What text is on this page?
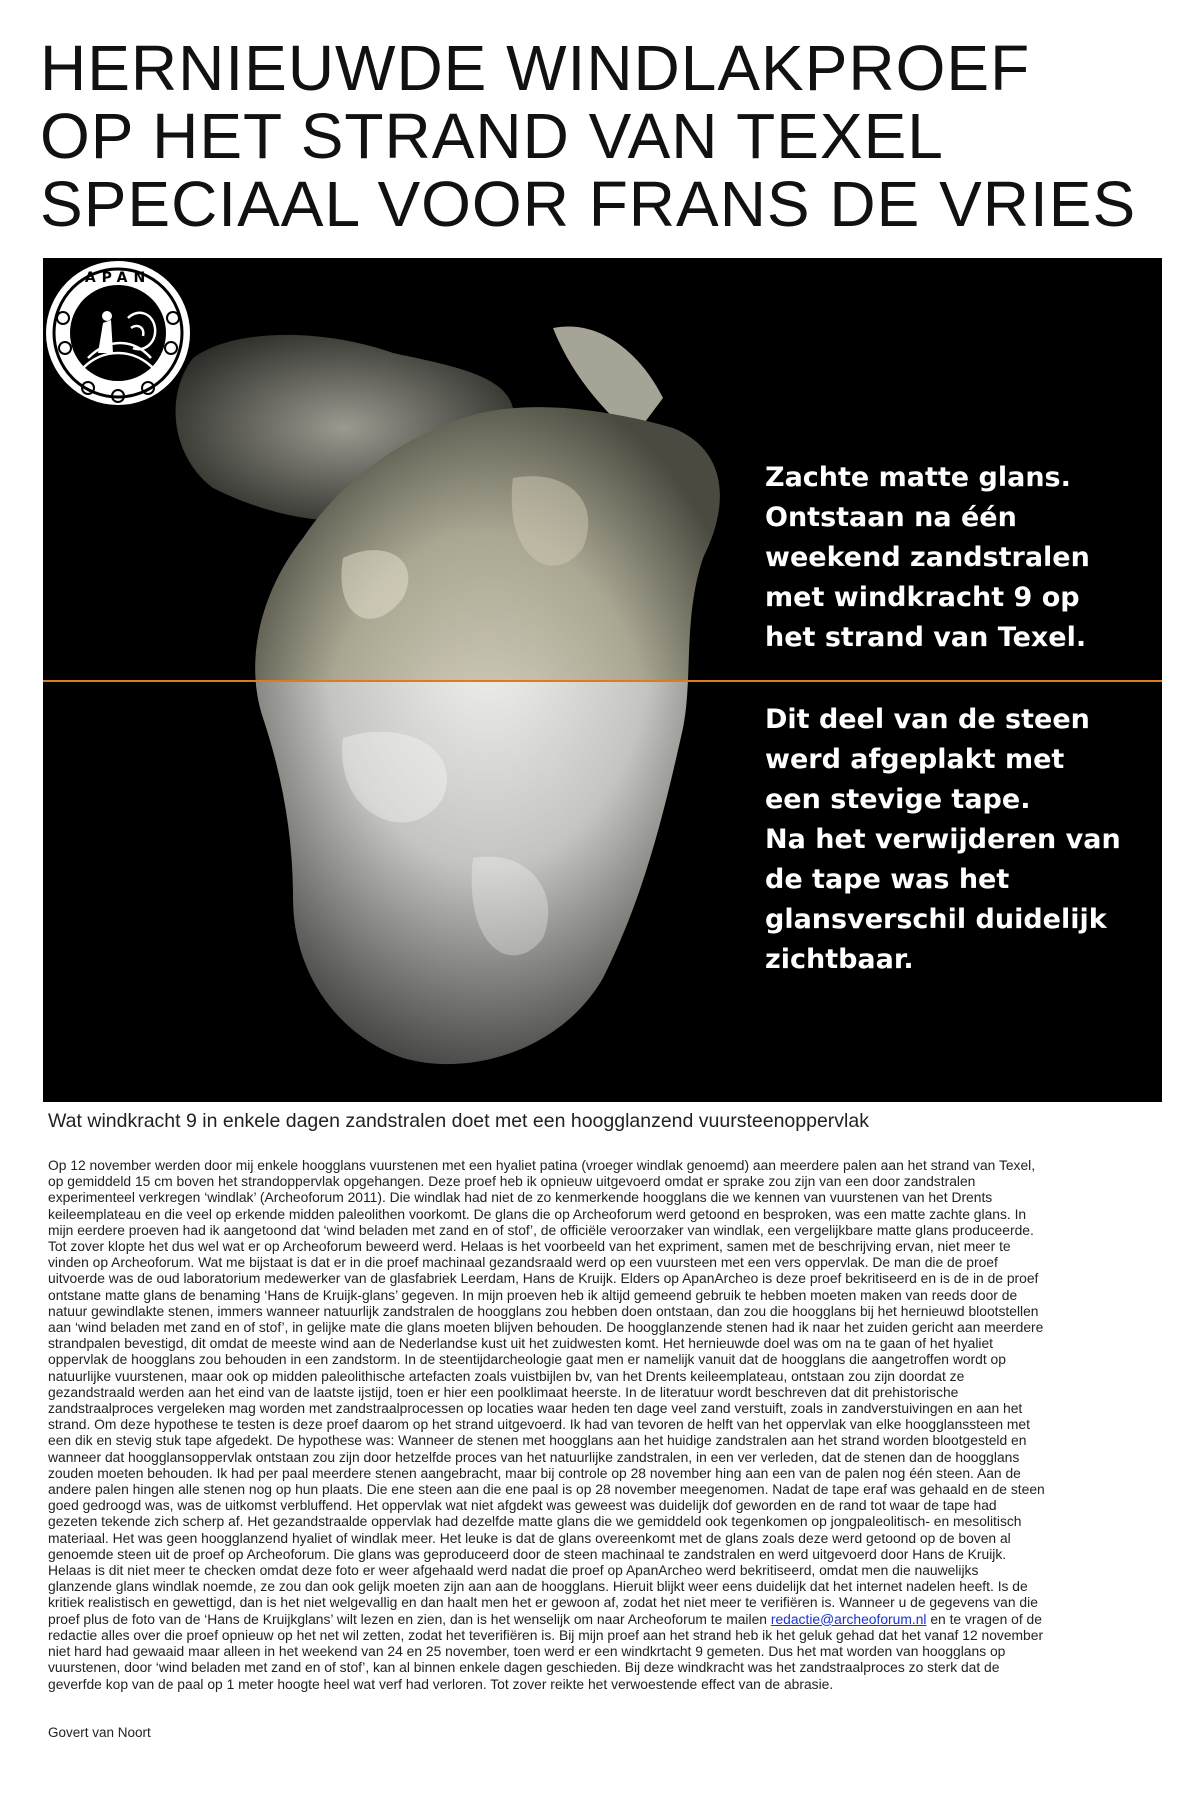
HERNIEUWDE WINDLAKPROEF
OP HET STRAND VAN TEXEL
SPECIAAL VOOR FRANS DE VRIES
Zachte matte glans.
Ontstaan na één
weekend zandstralen
met windkracht 9 op
het strand van Texel.
Dit deel van de steen
werd afgeplakt met
een stevige tape.
Na het verwijderen van
de tape was het
glansverschil duidelijk
zichtbaar.
APAN
Wat windkracht 9 in enkele dagen zandstralen doet met een hoogglanzend vuursteenoppervlak
Op 12 november werden door mij enkele hoogglans vuurstenen met een hyaliet patina (vroeger windlak genoemd) aan meerdere palen aan het strand van Texel,
op gemiddeld 15 cm boven het strandoppervlak opgehangen. Deze proef heb ik opnieuw uitgevoerd omdat er sprake zou zijn van een door zandstralen
experimenteel verkregen ‘windlak’ (Archeoforum 2011). Die windlak had niet de zo kenmerkende hoogglans die we kennen van vuurstenen van het Drents
keileemplateau en die veel op erkende midden paleolithen voorkomt. De glans die op Archeoforum werd getoond en besproken, was een matte zachte glans. In
mijn eerdere proeven had ik aangetoond dat ‘wind beladen met zand en of stof’, de officiële veroorzaker van windlak, een vergelijkbare matte glans produceerde.
Tot zover klopte het dus wel wat er op Archeoforum beweerd werd. Helaas is het voorbeeld van het expriment, samen met de beschrijving ervan, niet meer te
vinden op Archeoforum. Wat me bijstaat is dat er in die proef machinaal gezandsraald werd op een vuursteen met een vers oppervlak. De man die de proef
uitvoerde was de oud laboratorium medewerker van de glasfabriek Leerdam, Hans de Kruijk. Elders op ApanArcheo is deze proef bekritiseerd en is de in de proef
ontstane matte glans de benaming ‘Hans de Kruijk-glans’ gegeven. In mijn proeven heb ik altijd gemeend gebruik te hebben moeten maken van reeds door de
natuur gewindlakte stenen, immers wanneer natuurlijk zandstralen de hoogglans zou hebben doen ontstaan, dan zou die hoogglans bij het hernieuwd blootstellen
aan ‘wind beladen met zand en of stof’, in gelijke mate die glans moeten blijven behouden. De hoogglanzende stenen had ik naar het zuiden gericht aan meerdere
strandpalen bevestigd, dit omdat de meeste wind aan de Nederlandse kust uit het zuidwesten komt. Het hernieuwde doel was om na te gaan of het hyaliet
oppervlak de hoogglans zou behouden in een zandstorm. In de steentijdarcheologie gaat men er namelijk vanuit dat de hoogglans die aangetroffen wordt op
natuurlijke vuurstenen, maar ook op midden paleolithische artefacten zoals vuistbijlen bv, van het Drents keileemplateau, ontstaan zou zijn doordat ze
gezandstraald werden aan het eind van de laatste ijstijd, toen er hier een poolklimaat heerste. In de literatuur wordt beschreven dat dit prehistorische
zandstraalproces vergeleken mag worden met zandstraalprocessen op locaties waar heden ten dage veel zand verstuift, zoals in zandverstuivingen en aan het
strand. Om deze hypothese te testen is deze proef daarom op het strand uitgevoerd. Ik had van tevoren de helft van het oppervlak van elke hoogglanssteen met
een dik en stevig stuk tape afgedekt. De hypothese was: Wanneer de stenen met hoogglans aan het huidige zandstralen aan het strand worden blootgesteld en
wanneer dat hoogglansoppervlak ontstaan zou zijn door hetzelfde proces van het natuurlijke zandstralen, in een ver verleden, dat de stenen dan de hoogglans
zouden moeten behouden. Ik had per paal meerdere stenen aangebracht, maar bij controle op 28 november hing aan een van de palen nog één steen. Aan de
andere palen hingen alle stenen nog op hun plaats. Die ene steen aan die ene paal is op 28 november meegenomen. Nadat de tape eraf was gehaald en de steen
goed gedroogd was, was de uitkomst verbluffend. Het oppervlak wat niet afgdekt was geweest was duidelijk dof geworden en de rand tot waar de tape had
gezeten tekende zich scherp af. Het gezandstraalde oppervlak had dezelfde matte glans die we gemiddeld ook tegenkomen op jongpaleolitisch- en mesolitisch
materiaal. Het was geen hoogglanzend hyaliet of windlak meer. Het leuke is dat de glans overeenkomt met de glans zoals deze werd getoond op de boven al
genoemde steen uit de proef op Archeoforum. Die glans was geproduceerd door de steen machinaal te zandstralen en werd uitgevoerd door Hans de Kruijk.
Helaas is dit niet meer te checken omdat deze foto er weer afgehaald werd nadat die proef op ApanArcheo werd bekritiseerd, omdat men die nauwelijks
glanzende glans windlak noemde, ze zou dan ook gelijk moeten zijn aan aan de hoogglans. Hieruit blijkt weer eens duidelijk dat het internet nadelen heeft. Is de
kritiek realistisch en gewettigd, dan is het niet welgevallig en dan haalt men het er gewoon af, zodat het niet meer te verifiëren is. Wanneer u de gegevens van die
proef plus de foto van de ‘Hans de Kruijkglans’ wilt lezen en zien, dan is het wenselijk om naar Archeoforum te mailen redactie@archeoforum.nl en te vragen of de
redactie alles over die proef opnieuw op het net wil zetten, zodat het teverifiëren is. Bij mijn proef aan het strand heb ik het geluk gehad dat het vanaf 12 november
niet hard had gewaaid maar alleen in het weekend van 24 en 25 november, toen werd er een windkrtacht 9 gemeten. Dus het mat worden van hoogglans op
vuurstenen, door ‘wind beladen met zand en of stof’, kan al binnen enkele dagen geschieden. Bij deze windkracht was het zandstraalproces zo sterk dat de
geverfde kop van de paal op 1 meter hoogte heel wat verf had verloren. Tot zover reikte het verwoestende effect van de abrasie.
Govert van Noort
